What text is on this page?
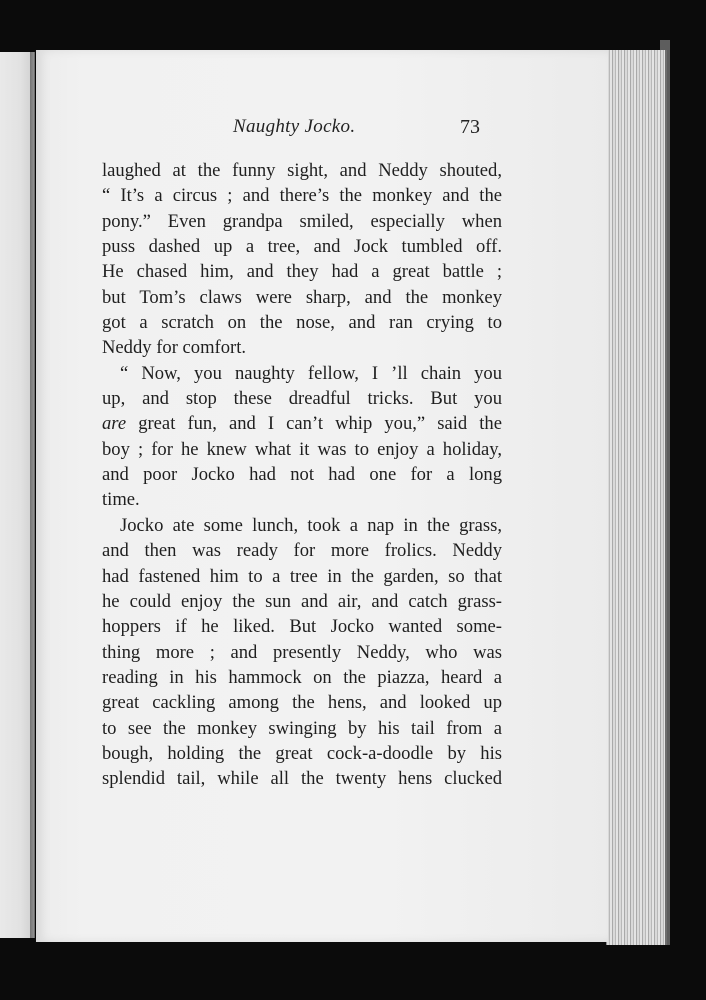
Naughty Jocko.	73
laughed at the funny sight, and Neddy shouted,
“ It’s a circus ; and there’s the monkey and the
pony.” Even grandpa smiled, especially when
puss dashed up a tree, and Jock tumbled off.
He chased him, and they had a great battle ;
but Tom’s claws were sharp, and the monkey
got a scratch on the nose, and ran crying to
Neddy for comfort.
“ Now, you naughty fellow, I ’ll chain you
up, and stop these dreadful tricks. But you
are great fun, and I can’t whip you,” said the
boy ; for he knew what it was to enjoy a holiday,
and poor Jocko had not had one for a long
time.
Jocko ate some lunch, took a nap in the grass,
and then was ready for more frolics. Neddy
had fastened him to a tree in the garden, so that
he could enjoy the sun and air, and catch grass-
hoppers if he liked. But Jocko wanted some-
thing more ; and presently Neddy, who was
reading in his hammock on the piazza, heard a
great cackling among the hens, and looked up
to see the monkey swinging by his tail from a
bough, holding the great cock-a-doodle by his
splendid tail, while all the twenty hens clucked
